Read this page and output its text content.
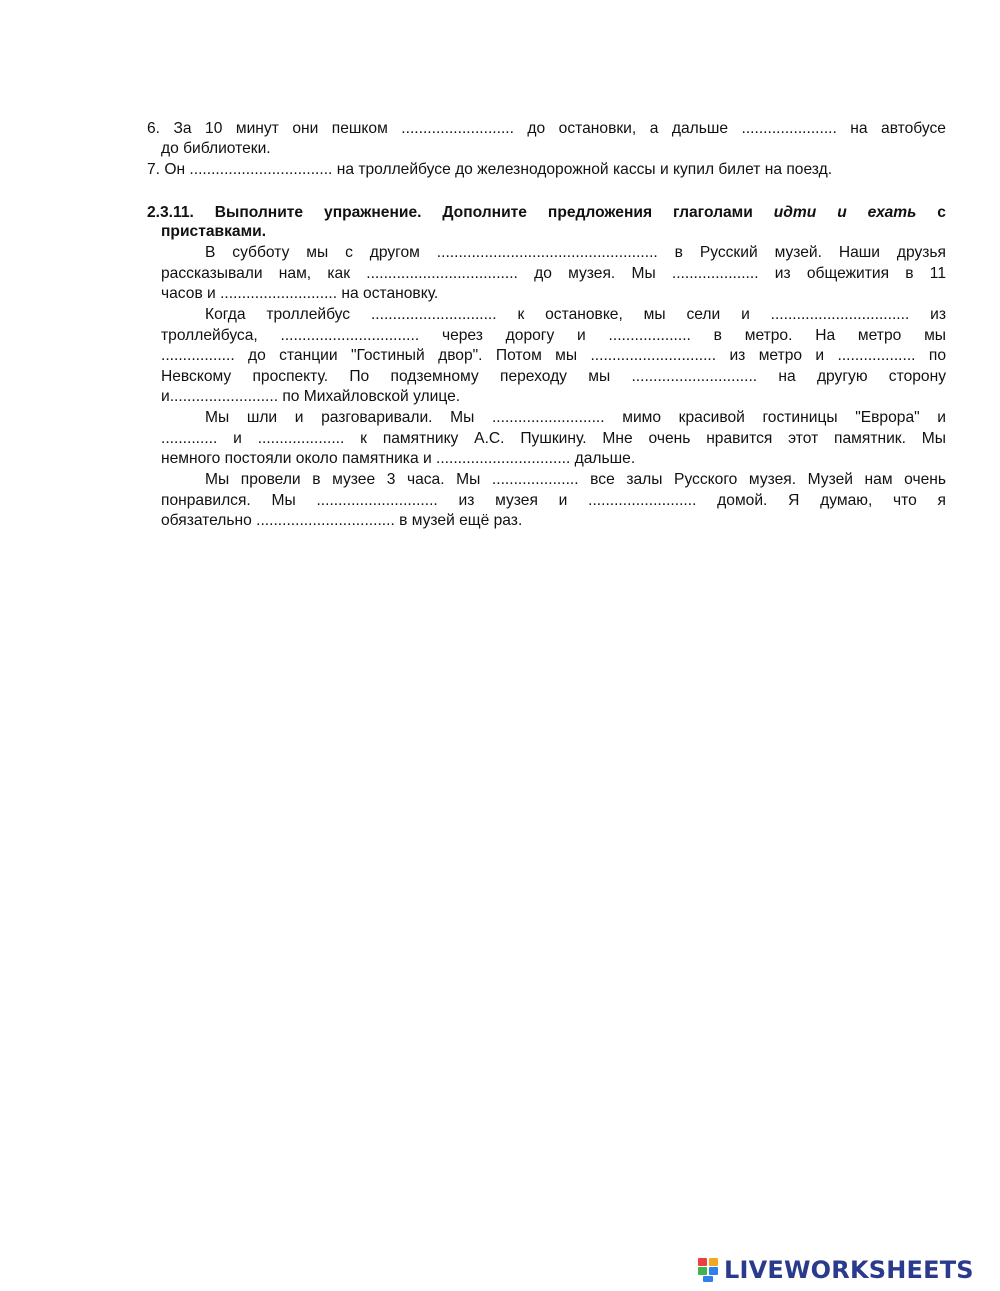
6. За 10 минут они пешком .......................... до остановки, а дальше ...................... на автобусе
до библиотеки.
7. Он ................................. на троллейбусе до железнодорожной кассы и купил билет на поезд.
2.3.11. Выполните упражнение. Дополните предложения глаголами идти и ехать с
приставками.
В субботу мы с другом ................................................... в Русский музей. Наши друзья
рассказывали нам, как ................................... до музея. Мы .................... из общежития в 11
часов и ........................... на остановку.
Когда троллейбус ............................. к остановке, мы сели и ................................ из
троллейбуса, ................................ через дорогу и ................... в метро. На метро мы
................. до станции "Гостиный двор". Потом мы ............................. из метро и .................. по
Невскому проспекту. По подземному переходу мы ............................. на другую сторону
и......................... по Михайловской улице.
Мы шли и разговаривали. Мы .......................... мимо красивой гостиницы "Еврора" и
............. и .................... к памятнику А.С. Пушкину. Мне очень нравится этот памятник. Мы
немного постояли около памятника и ............................... дальше.
Мы провели в музее 3 часа. Мы .................... все залы Русского музея. Музей нам очень
понравился. Мы ............................ из музея и ......................... домой. Я думаю, что я
обязательно ................................ в музей ещё раз.
LIVEWORKSHEETS
